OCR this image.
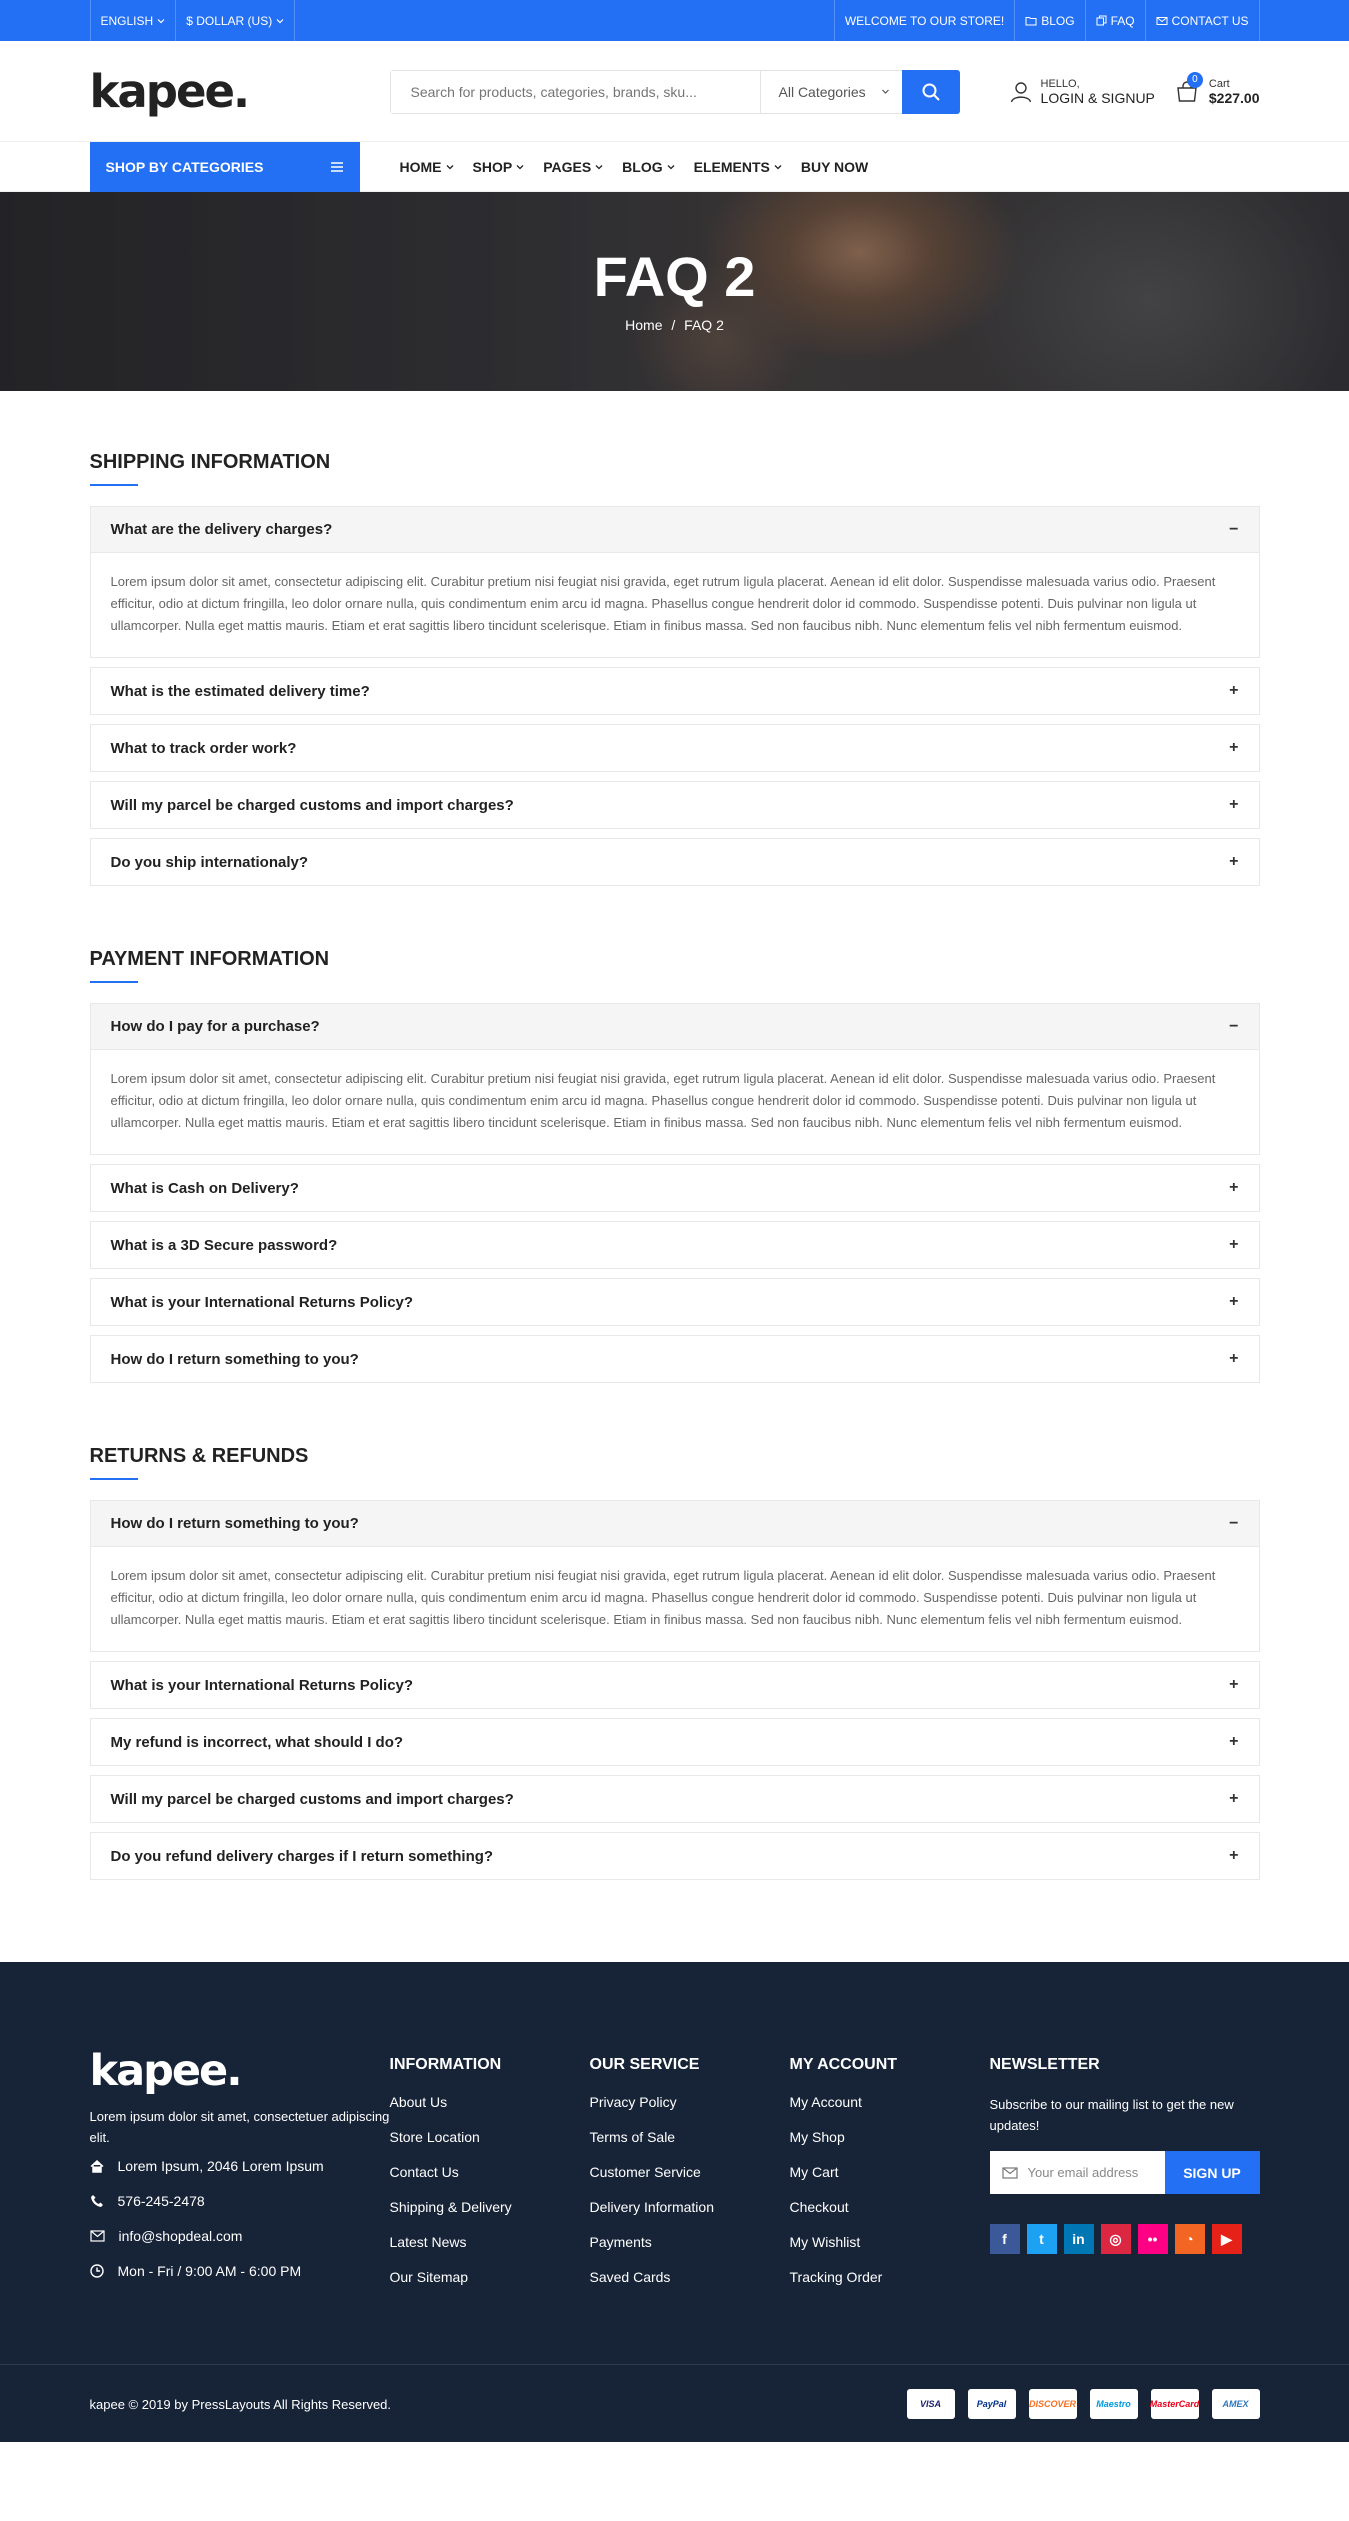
ENGLISH	$ DOLLAR (US)	WELCOME TO OUR STORE!	BLOG	FAQ	CONTACT US
kapee.
Search for products, categories, brands, sku...	All Categories	HELLO,
LOGIN & SIGNUP
0	Cart
$227.00
SHOP BY CATEGORIES	HOME SHOP PAGES BLOG ELEMENTS BUY NOW
FAQ 2
Home / FAQ 2
SHIPPING INFORMATION
What are the delivery charges?	−
Lorem ipsum dolor sit amet, consectetur adipiscing elit. Curabitur pretium nisi feugiat nisi gravida, eget rutrum ligula placerat. Aenean id elit dolor. Suspendisse malesuada varius odio. Praesent efficitur, odio at dictum fringilla, leo dolor ornare nulla, quis condimentum enim arcu id magna. Phasellus congue hendrerit dolor id commodo. Suspendisse potenti. Duis pulvinar non ligula ut ullamcorper. Nulla eget mattis mauris. Etiam et erat sagittis libero tincidunt scelerisque. Etiam in finibus massa. Sed non faucibus nibh. Nunc elementum felis vel nibh fermentum euismod.
What is the estimated delivery time?	+
What to track order work?	+
Will my parcel be charged customs and import charges?	+
Do you ship internationaly?	+
PAYMENT INFORMATION
How do I pay for a purchase?	−
Lorem ipsum dolor sit amet, consectetur adipiscing elit. Curabitur pretium nisi feugiat nisi gravida, eget rutrum ligula placerat. Aenean id elit dolor. Suspendisse malesuada varius odio. Praesent efficitur, odio at dictum fringilla, leo dolor ornare nulla, quis condimentum enim arcu id magna. Phasellus congue hendrerit dolor id commodo. Suspendisse potenti. Duis pulvinar non ligula ut ullamcorper. Nulla eget mattis mauris. Etiam et erat sagittis libero tincidunt scelerisque. Etiam in finibus massa. Sed non faucibus nibh. Nunc elementum felis vel nibh fermentum euismod.
What is Cash on Delivery?	+
What is a 3D Secure password?	+
What is your International Returns Policy?	+
How do I return something to you?	+
RETURNS & REFUNDS
How do I return something to you?	−
Lorem ipsum dolor sit amet, consectetur adipiscing elit. Curabitur pretium nisi feugiat nisi gravida, eget rutrum ligula placerat. Aenean id elit dolor. Suspendisse malesuada varius odio. Praesent efficitur, odio at dictum fringilla, leo dolor ornare nulla, quis condimentum enim arcu id magna. Phasellus congue hendrerit dolor id commodo. Suspendisse potenti. Duis pulvinar non ligula ut ullamcorper. Nulla eget mattis mauris. Etiam et erat sagittis libero tincidunt scelerisque. Etiam in finibus massa. Sed non faucibus nibh. Nunc elementum felis vel nibh fermentum euismod.
What is your International Returns Policy?	+
My refund is incorrect, what should I do?	+
Will my parcel be charged customs and import charges?	+
Do you refund delivery charges if I return something?	+
kapee.
Lorem ipsum dolor sit amet, consectetuer adipiscing elit.
Lorem Ipsum, 2046 Lorem Ipsum
576-245-2478
info@shopdeal.com
Mon - Fri / 9:00 AM - 6:00 PM
INFORMATION
About Us
Store Location
Contact Us
Shipping & Delivery
Latest News
Our Sitemap
OUR SERVICE
Privacy Policy
Terms of Sale
Customer Service
Delivery Information
Payments
Saved Cards
MY ACCOUNT
My Account
My Shop
My Cart
Checkout
My Wishlist
Tracking Order
NEWSLETTER
Subscribe to our mailing list to get the new updates!
Your email address	SIGN UP
f	t	in	◎	••	◔	▶
kapee © 2019 by PressLayouts All Rights Reserved.	VISA	PayPal	DISCOVER Maestro MasterCard	AMEX
